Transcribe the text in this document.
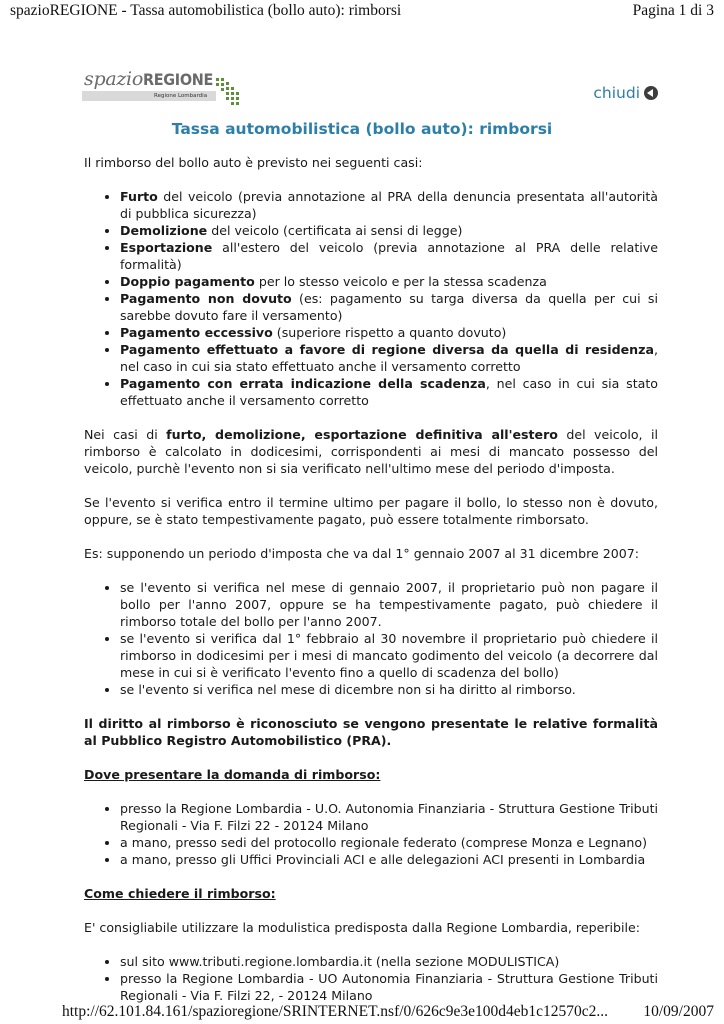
spazioREGIONE - Tassa automobilistica (bollo auto): rimborsi	Pagina 1 di 3
spazioREGIONE
Regione Lombardia	chiudi
Tassa automobilistica (bollo auto): rimborsi

Il rimborso del bollo auto è previsto nei seguenti casi:

• Furto del veicolo (previa annotazione al PRA della denuncia presentata all'autorità di pubblica sicurezza)
• Demolizione del veicolo (certificata ai sensi di legge)
• Esportazione all'estero del veicolo (previa annotazione al PRA delle relative formalità)
• Doppio pagamento per lo stesso veicolo e per la stessa scadenza
• Pagamento non dovuto (es: pagamento su targa diversa da quella per cui si sarebbe dovuto fare il versamento)
• Pagamento eccessivo (superiore rispetto a quanto dovuto)
• Pagamento effettuato a favore di regione diversa da quella di residenza, nel caso in cui sia stato effettuato anche il versamento corretto
• Pagamento con errata indicazione della scadenza, nel caso in cui sia stato effettuato anche il versamento corretto

Nei casi di furto, demolizione, esportazione definitiva all'estero del veicolo, il rimborso è calcolato in dodicesimi, corrispondenti ai mesi di mancato possesso del veicolo, purchè l'evento non si sia verificato nell'ultimo mese del periodo d'imposta.

Se l'evento si verifica entro il termine ultimo per pagare il bollo, lo stesso non è dovuto, oppure, se è stato tempestivamente pagato, può essere totalmente rimborsato.

Es: supponendo un periodo d'imposta che va dal 1° gennaio 2007 al 31 dicembre 2007:

• se l'evento si verifica nel mese di gennaio 2007, il proprietario può non pagare il bollo per l'anno 2007, oppure se ha tempestivamente pagato, può chiedere il rimborso totale del bollo per l'anno 2007.
• se l'evento si verifica dal 1° febbraio al 30 novembre il proprietario può chiedere il rimborso in dodicesimi per i mesi di mancato godimento del veicolo (a decorrere dal mese in cui si è verificato l'evento fino a quello di scadenza del bollo)
• se l'evento si verifica nel mese di dicembre non si ha diritto al rimborso.

Il diritto al rimborso è riconosciuto se vengono presentate le relative formalità al Pubblico Registro Automobilistico (PRA).

Dove presentare la domanda di rimborso:

• presso la Regione Lombardia - U.O. Autonomia Finanziaria - Struttura Gestione Tributi Regionali - Via F. Filzi 22 - 20124 Milano
• a mano, presso sedi del protocollo regionale federato (comprese Monza e Legnano)
• a mano, presso gli Uffici Provinciali ACI e alle delegazioni ACI presenti in Lombardia

Come chiedere il rimborso:

E' consigliabile utilizzare la modulistica predisposta dalla Regione Lombardia, reperibile:

• sul sito www.tributi.regione.lombardia.it (nella sezione MODULISTICA)
• presso la Regione Lombardia - UO Autonomia Finanziaria - Struttura Gestione Tributi Regionali - Via F. Filzi 22, - 20124 Milano
http://62.101.84.161/spazioregione/SRINTERNET.nsf/0/626c9e3e100d4eb1c12570c2... 10/09/2007
